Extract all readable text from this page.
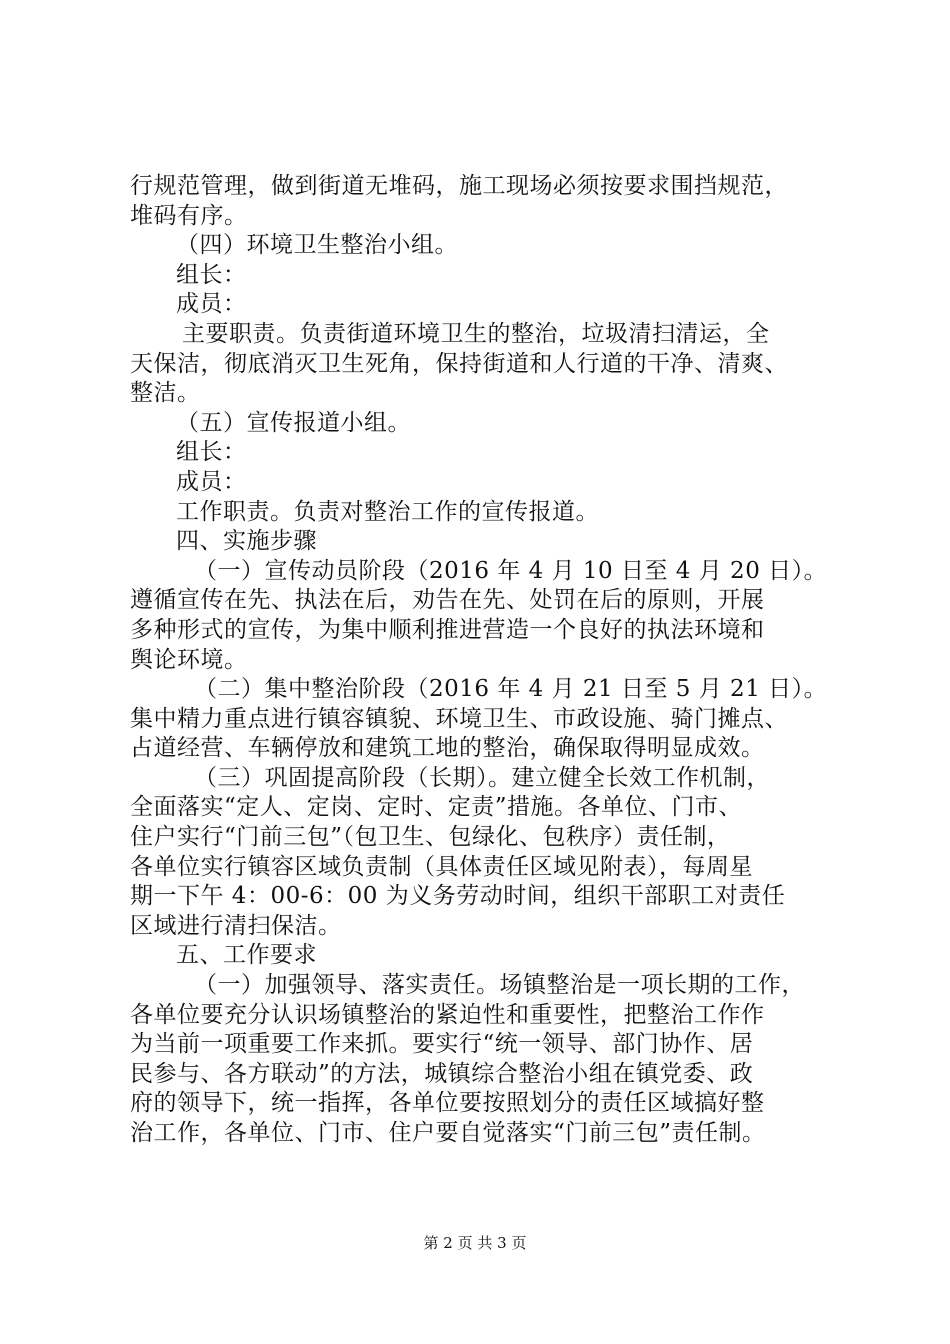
行规范管理，做到街道无堆码，施工现场必须按要求围挡规范，
堆码有序。
（四）环境卫生整治小组。
组长：
成员：
主要职责。负责街道环境卫生的整治，垃圾清扫清运，全
天保洁，彻底消灭卫生死角，保持街道和人行道的干净、清爽、
整洁。
（五）宣传报道小组。
组长：
成员：
工作职责。负责对整治工作的宣传报道。
四、实施步骤
（一）宣传动员阶段（2016 年 4 月 10 日至 4 月 20 日）。
遵循宣传在先、执法在后，劝告在先、处罚在后的原则，开展
多种形式的宣传，为集中顺利推进营造一个良好的执法环境和
舆论环境。
（二）集中整治阶段（2016 年 4 月 21 日至 5 月 21 日）。
集中精力重点进行镇容镇貌、环境卫生、市政设施、骑门摊点、
占道经营、车辆停放和建筑工地的整治，确保取得明显成效。
（三）巩固提高阶段（长期）。建立健全长效工作机制，
全面落实“定人、定岗、定时、定责”措施。各单位、门市、
住户实行“门前三包”（包卫生、包绿化、包秩序）责任制，
各单位实行镇容区域负责制（具体责任区域见附表），每周星
期一下午 4：00-6：00 为义务劳动时间，组织干部职工对责任
区域进行清扫保洁。
五、工作要求
（一）加强领导、落实责任。场镇整治是一项长期的工作，
各单位要充分认识场镇整治的紧迫性和重要性，把整治工作作
为当前一项重要工作来抓。要实行“统一领导、部门协作、居
民参与、各方联动”的方法，城镇综合整治小组在镇党委、政
府的领导下，统一指挥，各单位要按照划分的责任区域搞好整
治工作，各单位、门市、住户要自觉落实“门前三包”责任制。
第 2 页 共 3 页
